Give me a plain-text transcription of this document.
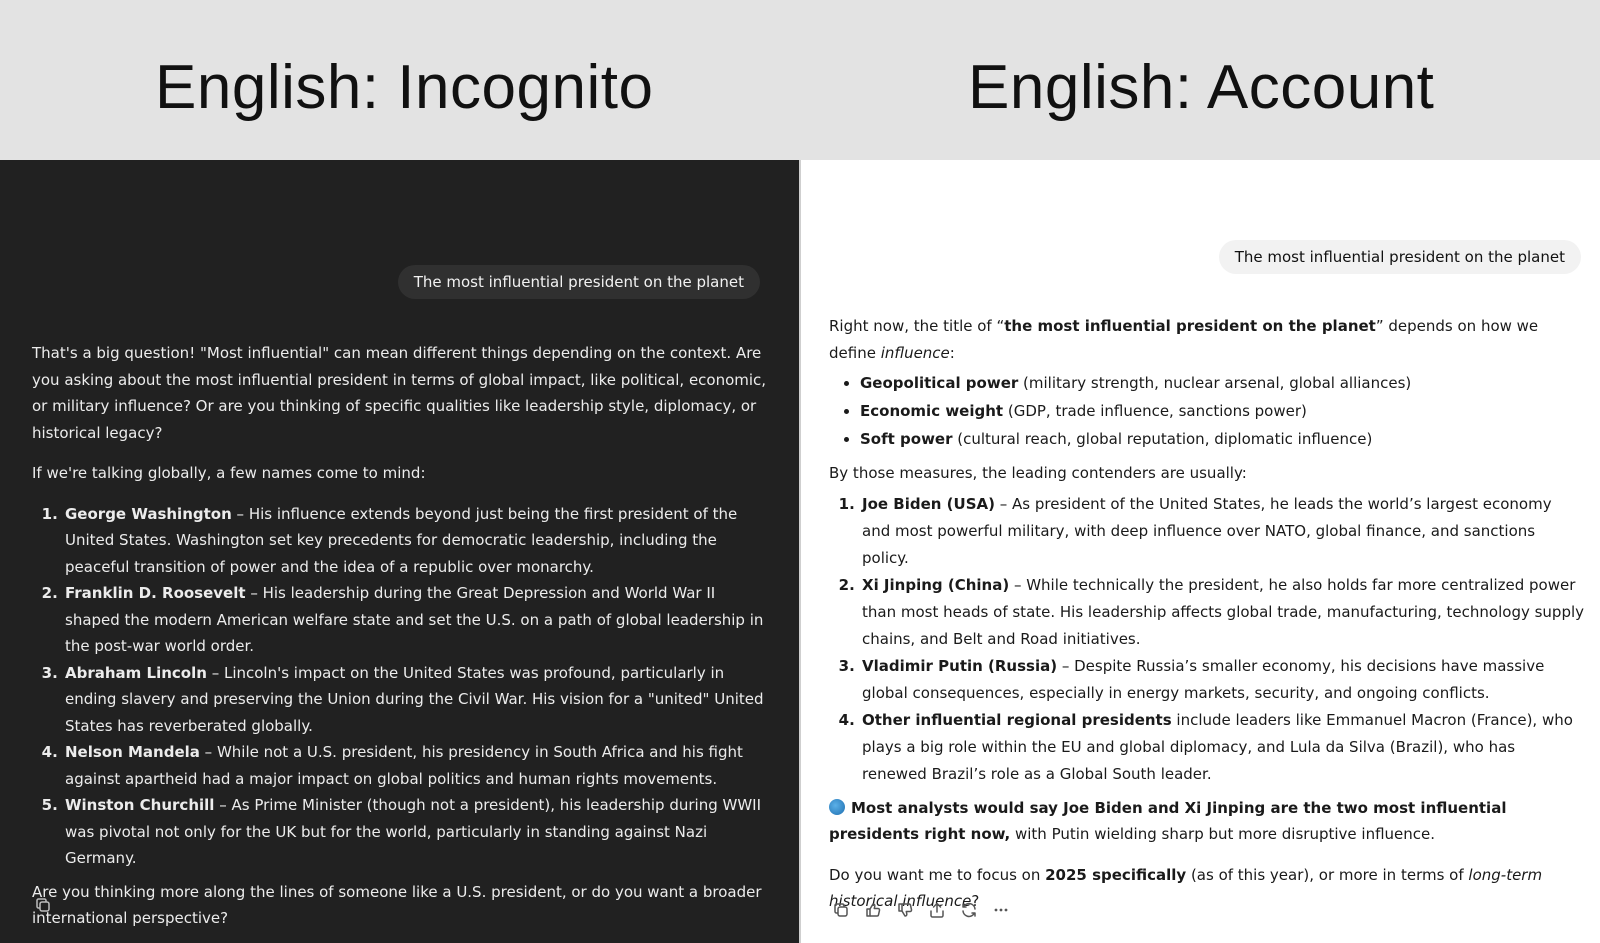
English: Incognito	English: Account
The most influential president on the planet

That's a big question! "Most influential" can mean different things depending on the context. Are you asking about the most influential president in terms of global impact, like political, economic, or military influence? Or are you thinking of specific qualities like leadership style, diplomacy, or historical legacy?

If we're talking globally, a few names come to mind:

1. George Washington – His influence extends beyond just being the first president of the United States. Washington set key precedents for democratic leadership, including the peaceful transition of power and the idea of a republic over monarchy.
2. Franklin D. Roosevelt – His leadership during the Great Depression and World War II shaped the modern American welfare state and set the U.S. on a path of global leadership in the post-war world order.
3. Abraham Lincoln – Lincoln's impact on the United States was profound, particularly in ending slavery and preserving the Union during the Civil War. His vision for a "united" United States has reverberated globally.
4. Nelson Mandela – While not a U.S. president, his presidency in South Africa and his fight against apartheid had a major impact on global politics and human rights movements.
5. Winston Churchill – As Prime Minister (though not a president), his leadership during WWII was pivotal not only for the UK but for the world, particularly in standing against Nazi Germany.

Are you thinking more along the lines of someone like a U.S. president, or do you want a broader international perspective?

The most influential president on the planet

Right now, the title of “the most influential president on the planet” depends on how we define influence:

• Geopolitical power (military strength, nuclear arsenal, global alliances)
• Economic weight (GDP, trade influence, sanctions power)
• Soft power (cultural reach, global reputation, diplomatic influence)

By those measures, the leading contenders are usually:

1. Joe Biden (USA) – As president of the United States, he leads the world’s largest economy and most powerful military, with deep influence over NATO, global finance, and sanctions policy.
2. Xi Jinping (China) – While technically the president, he also holds far more centralized power than most heads of state. His leadership affects global trade, manufacturing, technology supply chains, and Belt and Road initiatives.
3. Vladimir Putin (Russia) – Despite Russia’s smaller economy, his decisions have massive global consequences, especially in energy markets, security, and ongoing conflicts.
4. Other influential regional presidents include leaders like Emmanuel Macron (France), who plays a big role within the EU and global diplomacy, and Lula da Silva (Brazil), who has renewed Brazil’s role as a Global South leader.

Most analysts would say Joe Biden and Xi Jinping are the two most influential presidents right now, with Putin wielding sharp but more disruptive influence.

Do you want me to focus on 2025 specifically (as of this year), or more in terms of long-term historical influence?
